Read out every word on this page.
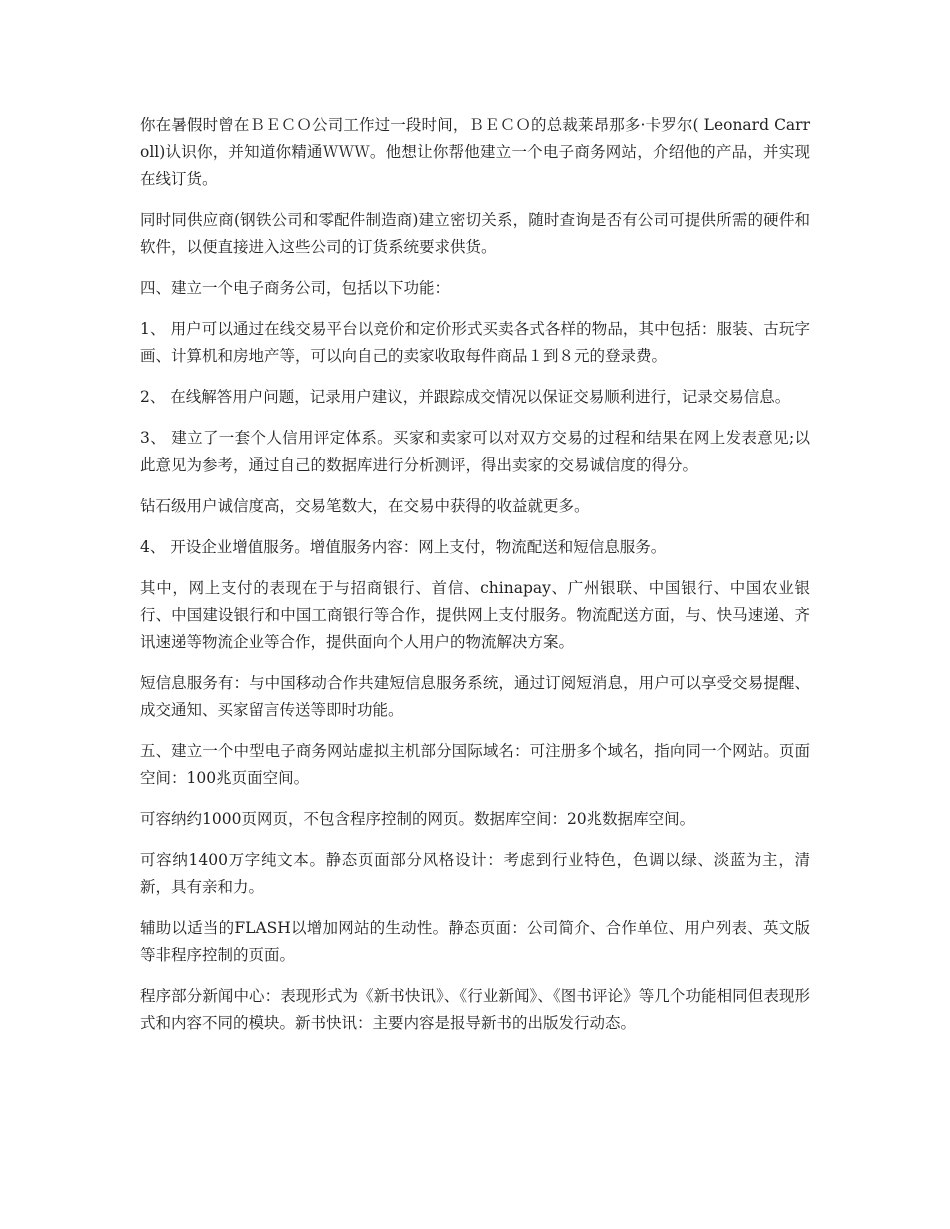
你在暑假时曾在ＢＥＣＯ公司工作过一段时间，ＢＥＣＯ的总裁莱昂那多·卡罗尔( Leonard Carroll)认识你，并知道你精通ＷＷＷ。他想让你帮他建立一个电子商务网站，介绍他的产品，并实现在线订货。

同时同供应商(钢铁公司和零配件制造商)建立密切关系，随时查询是否有公司可提供所需的硬件和软件，以便直接进入这些公司的订货系统要求供货。

四、建立一个电子商务公司，包括以下功能：

1、 用户可以通过在线交易平台以竞价和定价形式买卖各式各样的物品，其中包括：服装、古玩字画、计算机和房地产等，可以向自己的卖家收取每件商品１到８元的登录费。

2、 在线解答用户问题，记录用户建议，并跟踪成交情况以保证交易顺利进行，记录交易信息。

3、 建立了一套个人信用评定体系。买家和卖家可以对双方交易的过程和结果在网上发表意见;以此意见为参考，通过自己的数据库进行分析测评，得出卖家的交易诚信度的得分。

钻石级用户诚信度高，交易笔数大，在交易中获得的收益就更多。

4、 开设企业增值服务。增值服务内容：网上支付，物流配送和短信息服务。

其中，网上支付的表现在于与招商银行、首信、chinapay、广州银联、中国银行、中国农业银行、中国建设银行和中国工商银行等合作，提供网上支付服务。物流配送方面，与、快马速递、齐讯速递等物流企业等合作，提供面向个人用户的物流解决方案。

短信息服务有：与中国移动合作共建短信息服务系统，通过订阅短消息，用户可以享受交易提醒、成交通知、买家留言传送等即时功能。

五、建立一个中型电子商务网站虚拟主机部分国际域名：可注册多个域名，指向同一个网站。页面空间：100兆页面空间。

可容纳约1000页网页，不包含程序控制的网页。数据库空间：20兆数据库空间。

可容纳1400万字纯文本。静态页面部分风格设计：考虑到行业特色，色调以绿、淡蓝为主，清新，具有亲和力。

辅助以适当的FLASH以增加网站的生动性。静态页面：公司简介、合作单位、用户列表、英文版等非程序控制的页面。

程序部分新闻中心：表现形式为《新书快讯》、《行业新闻》、《图书评论》等几个功能相同但表现形式和内容不同的模块。新书快讯：主要内容是报导新书的出版发行动态。
